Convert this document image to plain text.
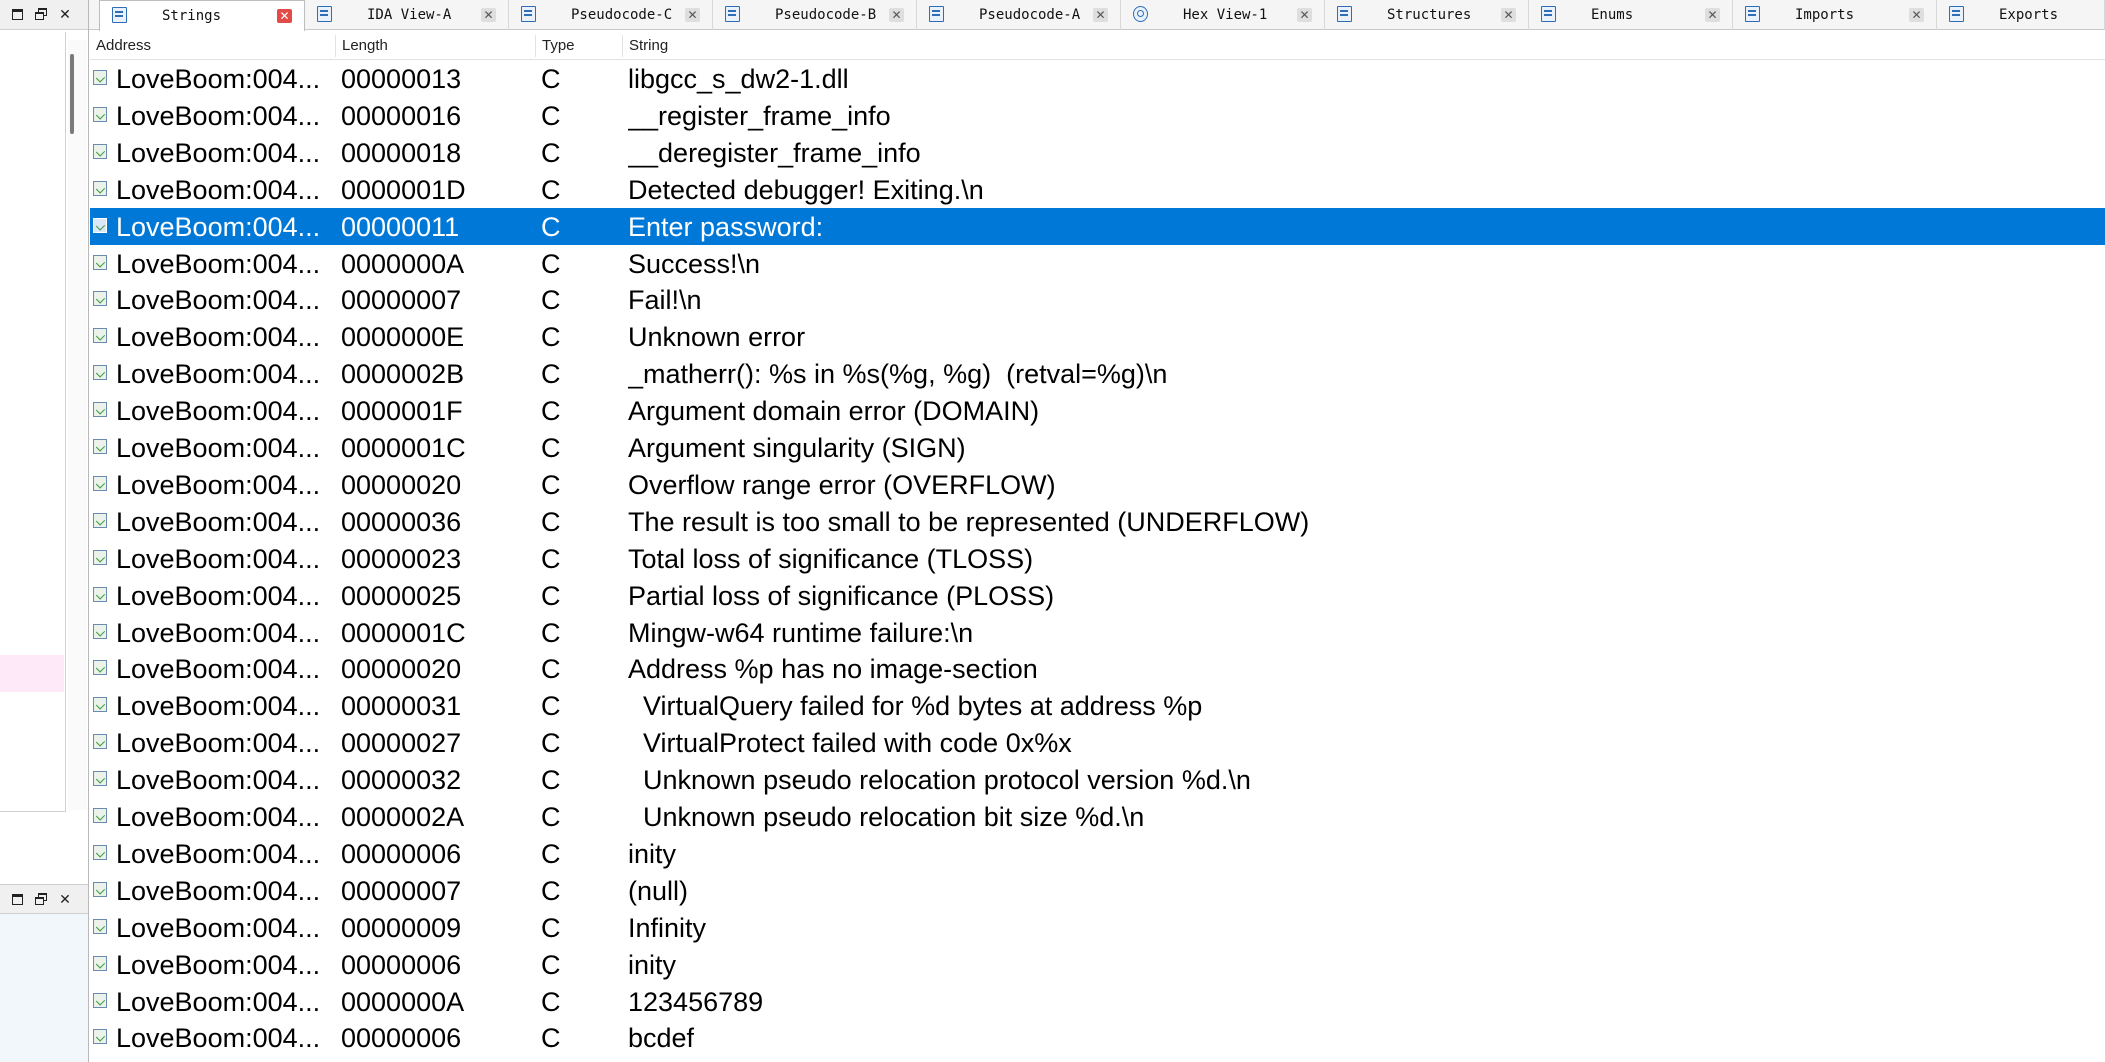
✕
✕
Strings	✕	IDA View-A	✕	Pseudocode-C ✕	Pseudocode-B ✕	Pseudocode-A ✕	Hex View-1	✕	Structures	✕	Enums	✕	Imports	✕	Exports
Address	Length	Type	String
LoveBoom:004... 00000013	C	libgcc_s_dw2-1.dll
LoveBoom:004... 00000016	C	__register_frame_info
LoveBoom:004... 00000018	C	__deregister_frame_info
LoveBoom:004... 0000001D	C	Detected debugger! Exiting.\n
LoveBoom:004... 00000011	C	Enter password:
LoveBoom:004... 0000000A	C	Success!\n
LoveBoom:004... 00000007	C	Fail!\n
LoveBoom:004... 0000000E	C	Unknown error
LoveBoom:004... 0000002B	C	_matherr(): %s in %s(%g, %g)  (retval=%g)\n
LoveBoom:004... 0000001F	C	Argument domain error (DOMAIN)
LoveBoom:004... 0000001C	C	Argument singularity (SIGN)
LoveBoom:004... 00000020	C	Overflow range error (OVERFLOW)
LoveBoom:004... 00000036	C	The result is too small to be represented (UNDERFLOW)
LoveBoom:004... 00000023	C	Total loss of significance (TLOSS)
LoveBoom:004... 00000025	C	Partial loss of significance (PLOSS)
LoveBoom:004... 0000001C	C	Mingw-w64 runtime failure:\n
LoveBoom:004... 00000020	C	Address %p has no image-section
LoveBoom:004... 00000031	C	VirtualQuery failed for %d bytes at address %p
LoveBoom:004... 00000027	C	VirtualProtect failed with code 0x%x
LoveBoom:004... 00000032	C	Unknown pseudo relocation protocol version %d.\n
LoveBoom:004... 0000002A	C	Unknown pseudo relocation bit size %d.\n
LoveBoom:004... 00000006	C	inity
LoveBoom:004... 00000007	C	(null)
LoveBoom:004... 00000009	C	Infinity
LoveBoom:004... 00000006	C	inity
LoveBoom:004... 0000000A	C	123456789
LoveBoom:004... 00000006	C	bcdef
